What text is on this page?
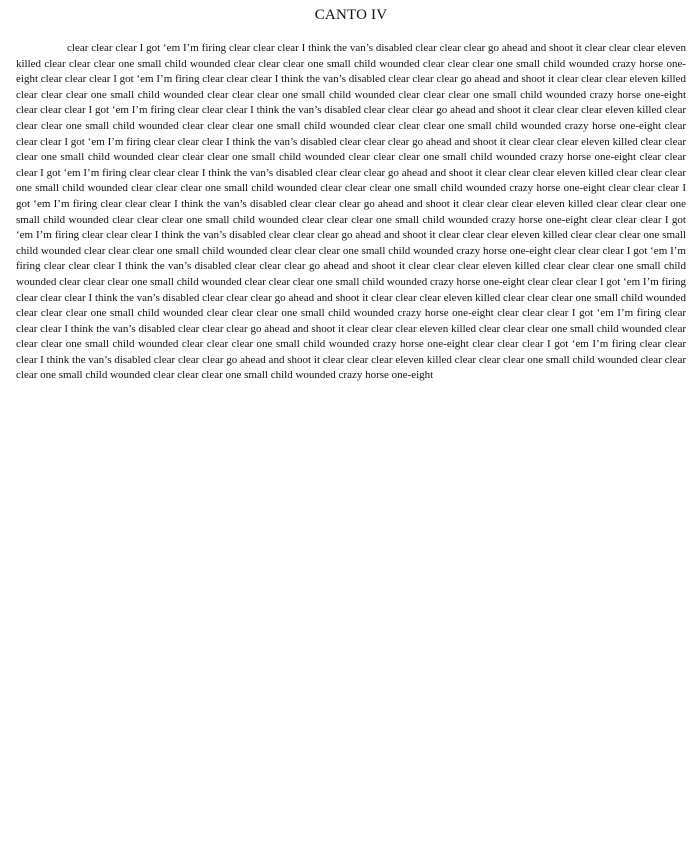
CANTO IV

clear clear clear I got ‘em I’m firing clear clear clear I think the van’s disabled clear clear clear go ahead and shoot it clear clear clear eleven killed clear clear clear one small child wounded clear clear clear one small child wounded clear clear clear one small child wounded crazy horse one-eight clear clear clear I got ‘em I’m firing clear clear clear I think the van’s disabled clear clear clear go ahead and shoot it clear clear clear eleven killed clear clear clear one small child wounded clear clear clear one small child wounded clear clear clear one small child wounded crazy horse one-eight clear clear clear I got ‘em I’m firing clear clear clear I think the van’s disabled clear clear clear go ahead and shoot it clear clear clear eleven killed clear clear clear one small child wounded clear clear clear one small child wounded clear clear clear one small child wounded crazy horse one-eight clear clear clear I got ‘em I’m firing clear clear clear I think the van’s disabled clear clear clear go ahead and shoot it clear clear clear eleven killed clear clear clear one small child wounded clear clear clear one small child wounded clear clear clear one small child wounded crazy horse one-eight clear clear clear I got ‘em I’m firing clear clear clear I think the van’s disabled clear clear clear go ahead and shoot it clear clear clear eleven killed clear clear clear one small child wounded clear clear clear one small child wounded clear clear clear one small child wounded crazy horse one-eight clear clear clear I got ‘em I’m firing clear clear clear I think the van’s disabled clear clear clear go ahead and shoot it clear clear clear eleven killed clear clear clear one small child wounded clear clear clear one small child wounded clear clear clear one small child wounded crazy horse one-eight clear clear clear I got ‘em I’m firing clear clear clear I think the van’s disabled clear clear clear go ahead and shoot it clear clear clear eleven killed clear clear clear one small child wounded clear clear clear one small child wounded clear clear clear one small child wounded crazy horse one-eight clear clear clear I got ‘em I’m firing clear clear clear I think the van’s disabled clear clear clear go ahead and shoot it clear clear clear eleven killed clear clear clear one small child wounded clear clear clear one small child wounded clear clear clear one small child wounded crazy horse one-eight clear clear clear I got ‘em I’m firing clear clear clear I think the van’s disabled clear clear clear go ahead and shoot it clear clear clear eleven killed clear clear clear one small child wounded clear clear clear one small child wounded clear clear clear one small child wounded crazy horse one-eight clear clear clear I got ‘em I’m firing clear clear clear I think the van’s disabled clear clear clear go ahead and shoot it clear clear clear eleven killed clear clear clear one small child wounded clear clear clear one small child wounded clear clear clear one small child wounded crazy horse one-eight clear clear clear I got ‘em I’m firing clear clear clear I think the van’s disabled clear clear clear go ahead and shoot it clear clear clear eleven killed clear clear clear one small child wounded clear clear clear one small child wounded clear clear clear one small child wounded crazy horse one-eight
